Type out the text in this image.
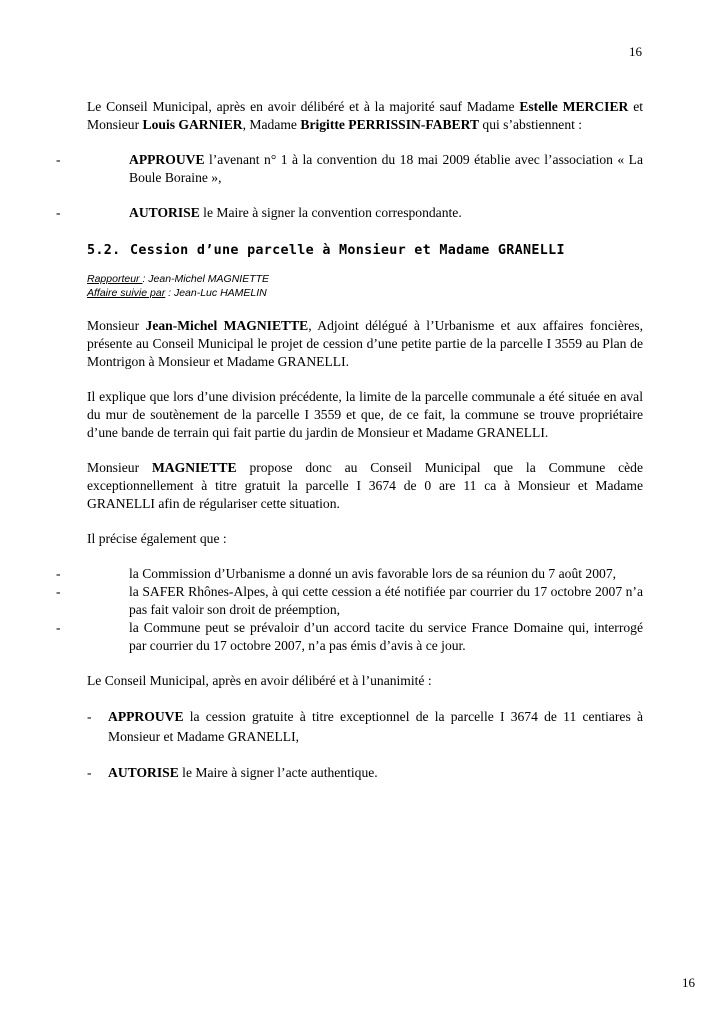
16

Le Conseil Municipal, après en avoir délibéré et à la majorité sauf Madame Estelle MERCIER et Monsieur Louis GARNIER, Madame Brigitte PERRISSIN-FABERT qui s’abstiennent :

-	APPROUVE l’avenant n° 1 à la convention du 18 mai 2009 établie avec l’association « La Boule Boraine »,
-	AUTORISE le Maire à signer la convention correspondante.
5.2. Cession d’une parcelle à Monsieur et Madame GRANELLI
Rapporteur : Jean-Michel MAGNIETTE
Affaire suivie par : Jean-Luc HAMELIN

Monsieur Jean-Michel MAGNIETTE, Adjoint délégué à l’Urbanisme et aux affaires foncières, présente au Conseil Municipal le projet de cession d’une petite partie de la parcelle I 3559 au Plan de Montrigon à Monsieur et Madame GRANELLI.

Il explique que lors d’une division précédente, la limite de la parcelle communale a été située en aval du mur de soutènement de la parcelle I 3559 et que, de ce fait, la commune se trouve propriétaire d’une bande de terrain qui fait partie du jardin de Monsieur et Madame GRANELLI.

Monsieur MAGNIETTE propose donc au Conseil Municipal que la Commune cède exceptionnellement à titre gratuit la parcelle I 3674 de 0 are 11 ca à Monsieur et Madame GRANELLI afin de régulariser cette situation.

Il précise également que :

-	la Commission d’Urbanisme a donné un avis favorable lors de sa réunion du 7 août 2007,
-	la SAFER Rhônes-Alpes, à qui cette cession a été notifiée par courrier du 17 octobre 2007 n’a pas fait valoir son droit de préemption,
-	la Commune peut se prévaloir d’un accord tacite du service France Domaine qui, interrogé par courrier du 17 octobre 2007, n’a pas émis d’avis à ce jour.

Le Conseil Municipal, après en avoir délibéré et à l’unanimité :

- APPROUVE la cession gratuite à titre exceptionnel de la parcelle I 3674 de 11 centiares à Monsieur et Madame GRANELLI,
- AUTORISE le Maire à signer l’acte authentique.
16
